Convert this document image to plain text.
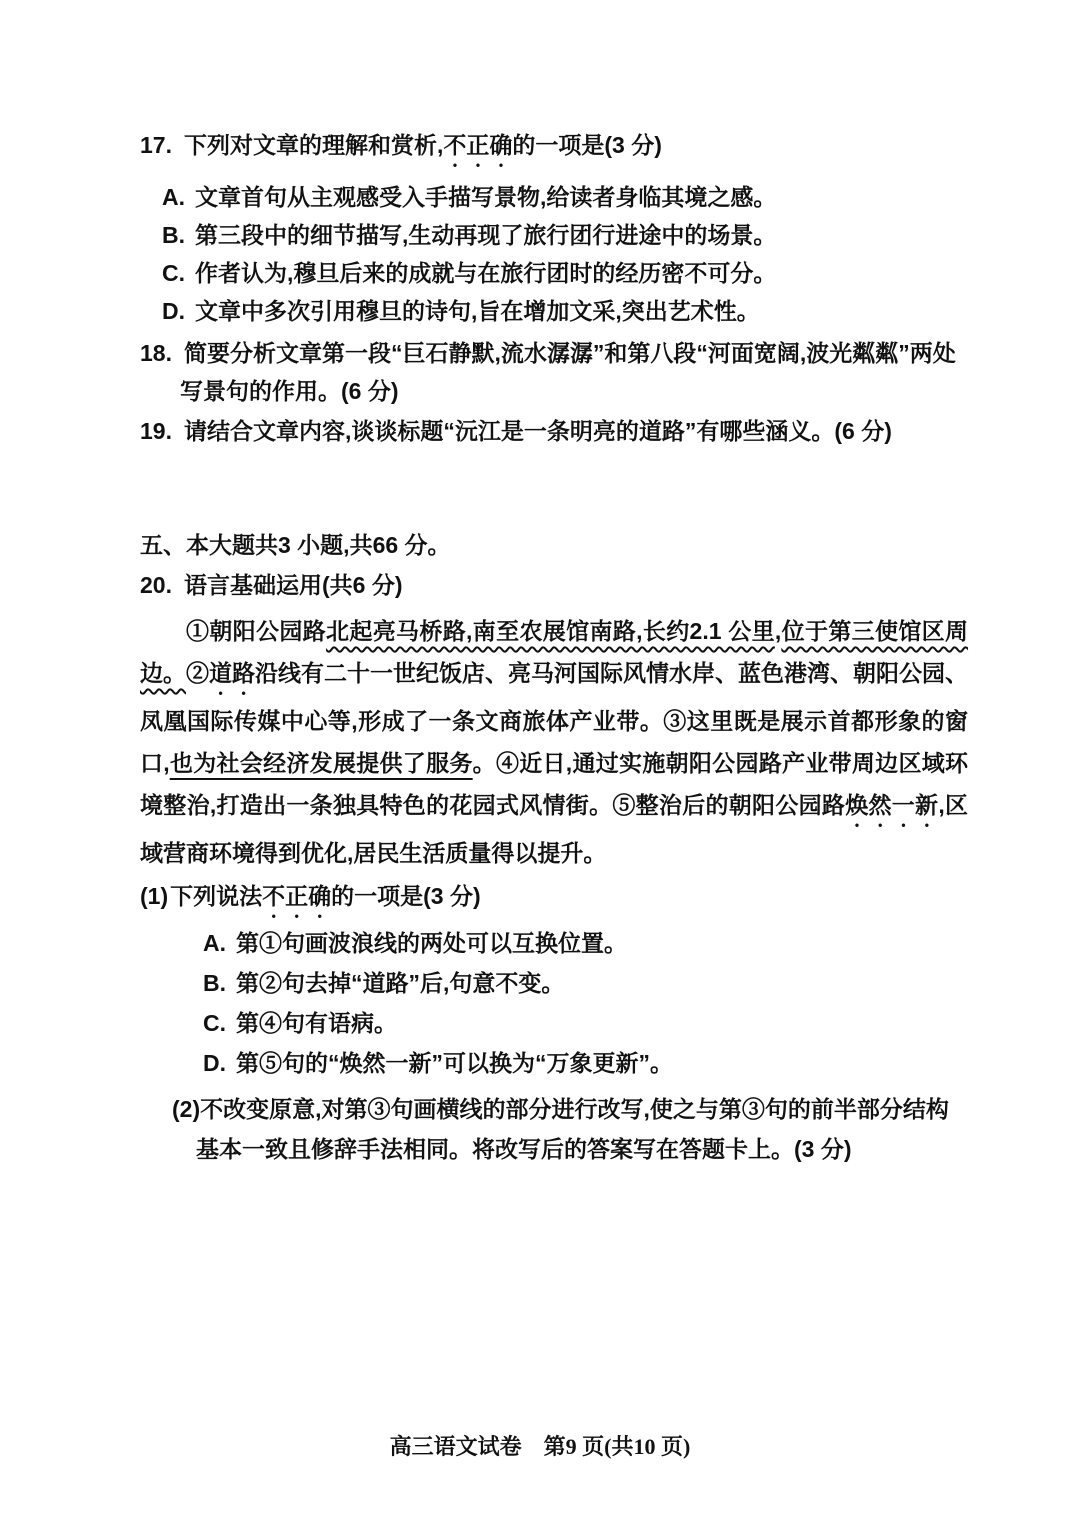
17. 下列对文章的理解和赏析,不正确的一项是(3 分)
A. 文章首句从主观感受入手描写景物,给读者身临其境之感。
B. 第三段中的细节描写,生动再现了旅行团行进途中的场景。
C. 作者认为,穆旦后来的成就与在旅行团时的经历密不可分。
D. 文章中多次引用穆旦的诗句,旨在增加文采,突出艺术性。
18. 简要分析文章第一段“巨石静默,流水潺潺”和第八段“河面宽阔,波光粼粼”两处写景句的作用。(6 分)
19. 请结合文章内容,谈谈标题“沅江是一条明亮的道路”有哪些涵义。(6 分)
五、本大题共3 小题,共66 分。
20. 语言基础运用(共6 分)
①朝阳公园路北起亮马桥路,南至农展馆南路,长约2.1 公里,位于第三使馆区周边。②道路沿线有二十一世纪饭店、亮马河国际风情水岸、蓝色港湾、朝阳公园、凤凰国际传媒中心等,形成了一条文商旅体产业带。③这里既是展示首都形象的窗口,也为社会经济发展提供了服务。④近日,通过实施朝阳公园路产业带周边区域环境整治,打造出一条独具特色的花园式风情街。⑤整治后的朝阳公园路焕然一新,区域营商环境得到优化,居民生活质量得以提升。
(1)下列说法不正确的一项是(3 分)
A. 第①句画波浪线的两处可以互换位置。
B. 第②句去掉“道路”后,句意不变。
C. 第④句有语病。
D. 第⑤句的“焕然一新”可以换为“万象更新”。
(2)不改变原意,对第③句画横线的部分进行改写,使之与第③句的前半部分结构基本一致且修辞手法相同。将改写后的答案写在答题卡上。(3 分)
高三语文试卷　第9 页(共10 页)
